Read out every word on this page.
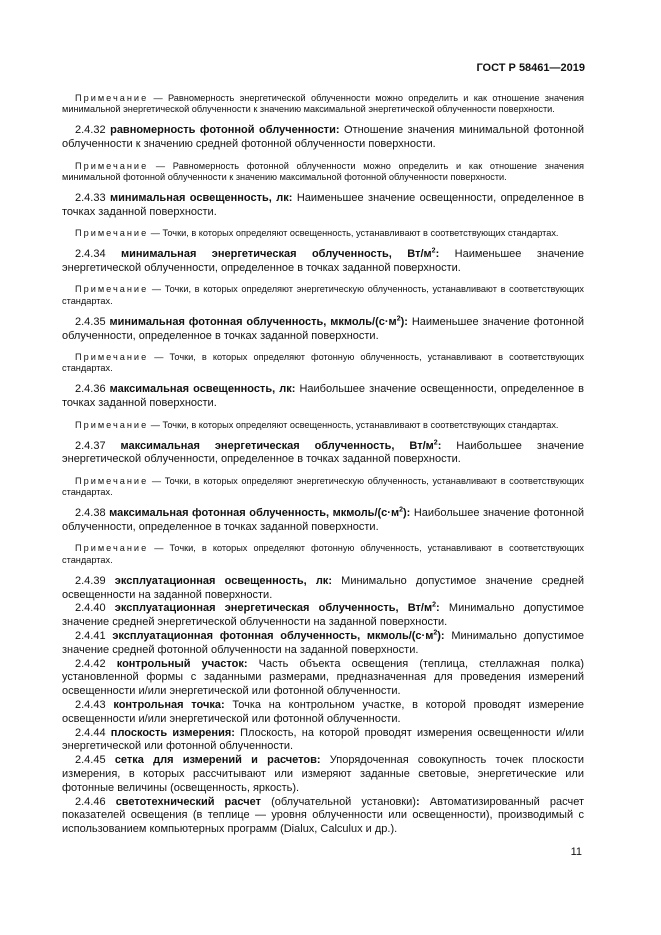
ГОСТ Р 58461—2019

Примечание — Равномерность энергетической облученности можно определить и как отношение значения минимальной энергетической облученности к значению максимальной энергетической облученности поверхности.

2.4.32 равномерность фотонной облученности: Отношение значения минимальной фотонной облученности к значению средней фотонной облученности поверхности.

Примечание — Равномерность фотонной облученности можно определить и как отношение значения минимальной фотонной облученности к значению максимальной фотонной облученности поверхности.

2.4.33 минимальная освещенность, лк: Наименьшее значение освещенности, определенное в точках заданной поверхности.

Примечание — Точки, в которых определяют освещенность, устанавливают в соответствующих стандартах.

2.4.34 минимальная энергетическая облученность, $Вт/м^2$: Наименьшее значение энергетической облученности, определенное в точках заданной поверхности.

Примечание — Точки, в которых определяют энергетическую облученность, устанавливают в соответствующих стандартах.

2.4.35 минимальная фотонная облученность, мкмоль/$(с\cdot м^2)$: Наименьшее значение фотонной облученности, определенное в точках заданной поверхности.

Примечание — Точки, в которых определяют фотонную облученность, устанавливают в соответствующих стандартах.

2.4.36 максимальная освещенность, лк: Наибольшее значение освещенности, определенное в точках заданной поверхности.

Примечание — Точки, в которых определяют освещенность, устанавливают в соответствующих стандартах.

2.4.37 максимальная энергетическая облученность, $Вт/м^2$: Наибольшее значение энергетической облученности, определенное в точках заданной поверхности.

Примечание — Точки, в которых определяют энергетическую облученность, устанавливают в соответствующих стандартах.

2.4.38 максимальная фотонная облученность, мкмоль/$(с\cdot м^2)$: Наибольшее значение фотонной облученности, определенное в точках заданной поверхности.

Примечание — Точки, в которых определяют фотонную облученность, устанавливают в соответствующих стандартах.

2.4.39 эксплуатационная освещенность, лк: Минимально допустимое значение средней освещенности на заданной поверхности.

2.4.40 эксплуатационная энергетическая облученность, $Вт/м^2$: Минимально допустимое значение средней энергетической облученности на заданной поверхности.

2.4.41 эксплуатационная фотонная облученность, мкмоль/$(с\cdot м^2)$: Минимально допустимое значение средней фотонной облученности на заданной поверхности.

2.4.42 контрольный участок: Часть объекта освещения (теплица, стеллажная полка) установленной формы с заданными размерами, предназначенная для проведения измерений освещенности и/или энергетической или фотонной облученности.

2.4.43 контрольная точка: Точка на контрольном участке, в которой проводят измерение освещенности и/или энергетической или фотонной облученности.

2.4.44 плоскость измерения: Плоскость, на которой проводят измерения освещенности и/или энергетической или фотонной облученности.

2.4.45 сетка для измерений и расчетов: Упорядоченная совокупность точек плоскости измерения, в которых рассчитывают или измеряют заданные световые, энергетические или фотонные величины (освещенность, яркость).

2.4.46 светотехнический расчет (облучательной установки): Автоматизированный расчет показателей освещения (в теплице — уровня облученности или освещенности), производимый с использованием компьютерных программ (Dialux, Calculux и др.).

11
